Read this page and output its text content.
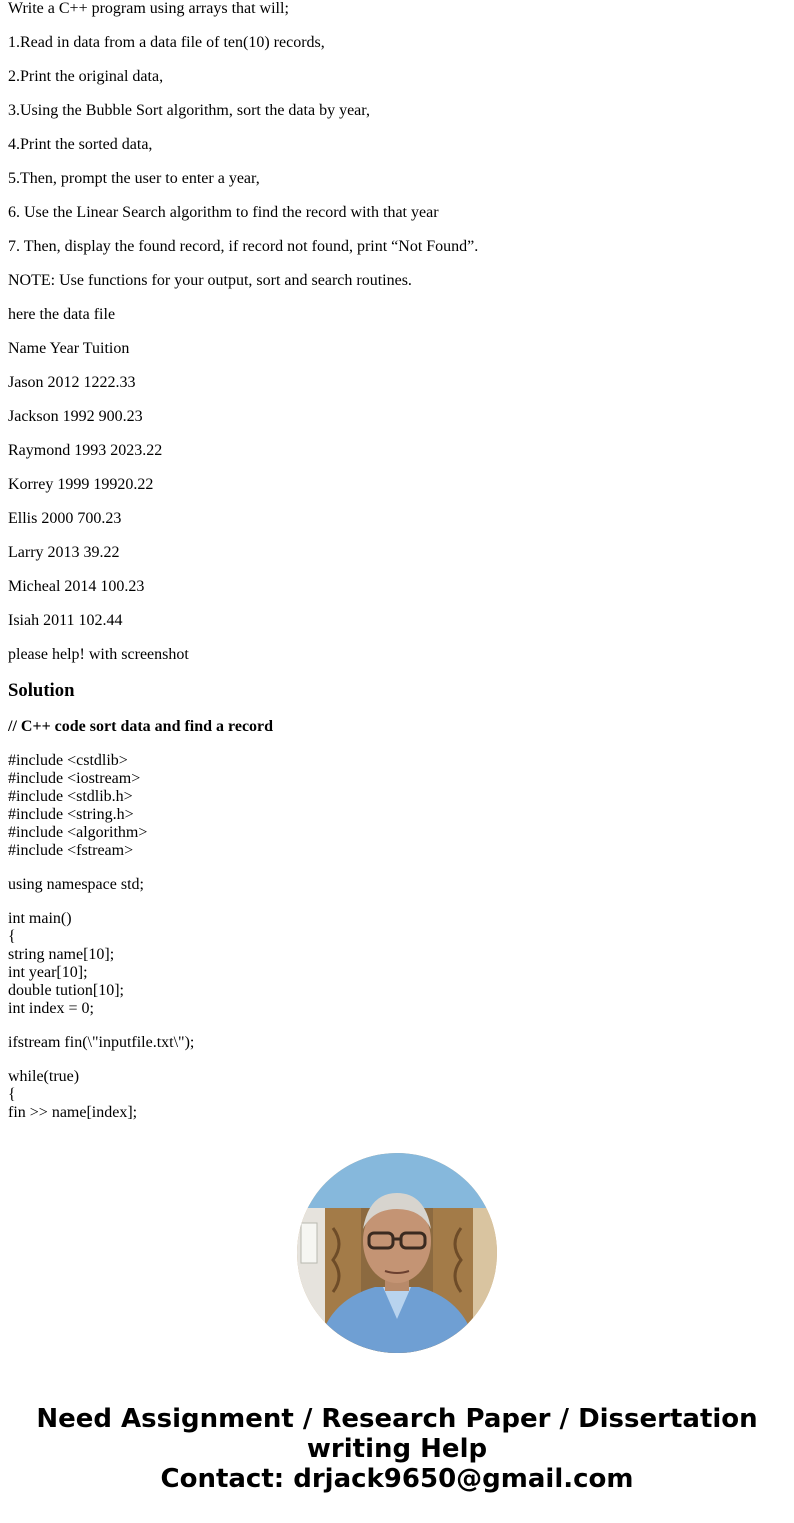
Write a C++ program using arrays that will;
1.Read in data from a data file of ten(10) records,
2.Print the original data,
3.Using the Bubble Sort algorithm, sort the data by year,
4.Print the sorted data,
5.Then, prompt the user to enter a year,
6. Use the Linear Search algorithm to find the record with that year
7. Then, display the found record, if record not found, print “Not Found”.
NOTE: Use functions for your output, sort and search routines.
here the data file
Name Year Tuition
Jason 2012 1222.33
Jackson 1992 900.23
Raymond 1993 2023.22
Korrey 1999 19920.22
Ellis 2000 700.23
Larry 2013 39.22
Micheal 2014 100.23
Isiah 2011 102.44
please help! with screenshot
Solution
// C++ code sort data and find a record
#include <cstdlib>
#include <iostream>
#include <stdlib.h>
#include <string.h>
#include <algorithm>
#include <fstream>
using namespace std;
int main()
{
string name[10];
int year[10];
double tution[10];
int index = 0;
ifstream fin(\"inputfile.txt\");
while(true)
{
fin >> name[index];
Need Assignment / Research Paper / Dissertation
writing Help
Contact: drjack9650@gmail.com
